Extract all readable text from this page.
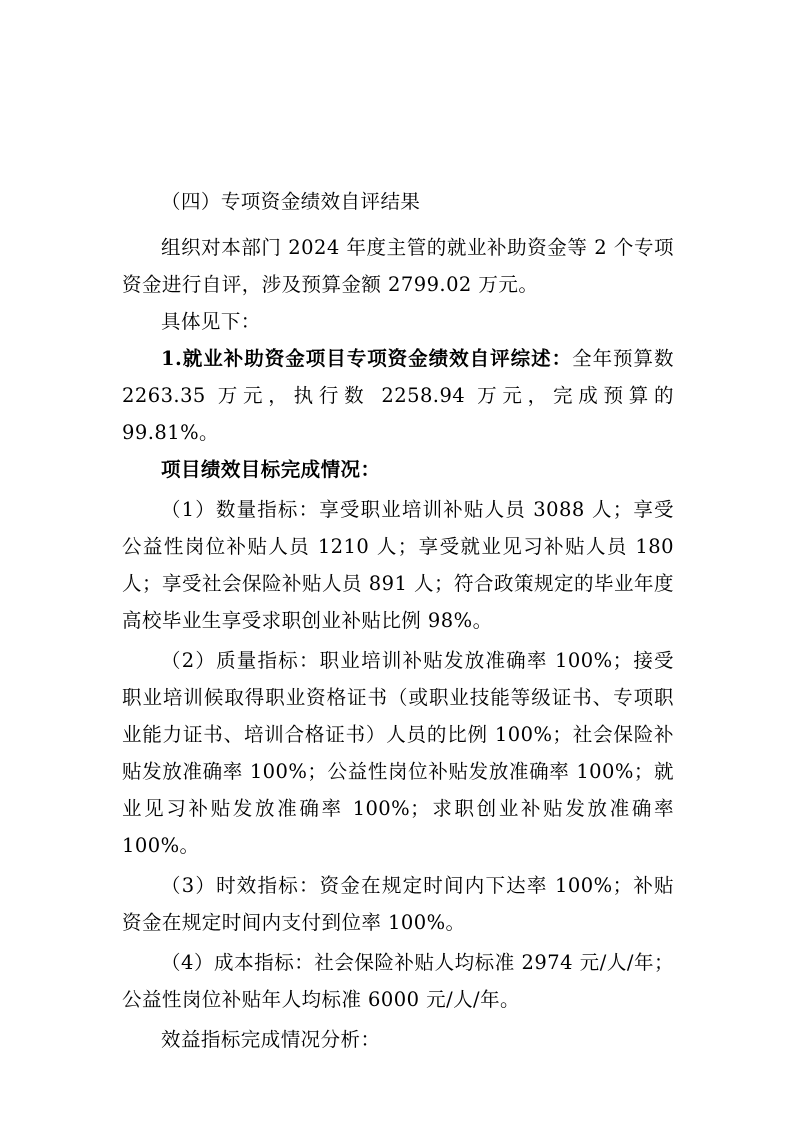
（四）专项资金绩效自评结果

组织对本部门 2024 年度主管的就业补助资金等 2 个专项资金进行自评，涉及预算金额 2799.02 万元。

具体见下：

1.就业补助资金项目专项资金绩效自评综述：全年预算数 2263.35 万元，执行数 2258.94 万元，完成预算的 99.81%。

项目绩效目标完成情况：

（1）数量指标：享受职业培训补贴人员 3088 人；享受公益性岗位补贴人员 1210 人；享受就业见习补贴人员 180 人；享受社会保险补贴人员 891 人；符合政策规定的毕业年度高校毕业生享受求职创业补贴比例 98%。

（2）质量指标：职业培训补贴发放准确率 100%；接受职业培训候取得职业资格证书（或职业技能等级证书、专项职业能力证书、培训合格证书）人员的比例 100%；社会保险补贴发放准确率 100%；公益性岗位补贴发放准确率 100%；就业见习补贴发放准确率 100%；求职创业补贴发放准确率 100%。

（3）时效指标：资金在规定时间内下达率 100%；补贴资金在规定时间内支付到位率 100%。

（4）成本指标：社会保险补贴人均标准 2974 元/人/年；公益性岗位补贴年人均标准 6000 元/人/年。

效益指标完成情况分析：
